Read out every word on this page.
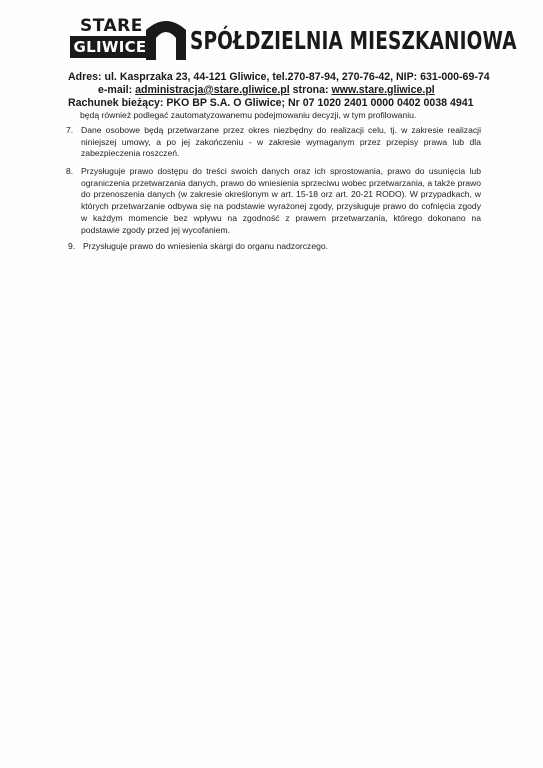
STARE
GLIWICE SPÓŁDZIELNIA MIESZKANIOWA
Adres: ul. Kasprzaka 23, 44-121 Gliwice, tel.270-87-94, 270-76-42, NIP: 631-000-69-74
e-mail: administracja@stare.gliwice.pl strona: www.stare.gliwice.pl
Rachunek bieżący: PKO BP S.A. O Gliwice; Nr 07 1020 2401 0000 0402 0038 4941
będą również podlegać zautomatyzowanemu podejmowaniu decyzji, w tym profilowaniu.
7. Dane osobowe będą przetwarzane przez okres niezbędny do realizacji celu, tj. w zakresie realizacji niniejszej umowy, a po jej zakończeniu - w zakresie wymaganym przez przepisy prawa lub dla zabezpieczenia roszczeń.
8. Przysługuje prawo dostępu do treści swoich danych oraz ich sprostowania, prawo do usunięcia lub ograniczenia przetwarzania danych, prawo do wniesienia sprzeciwu wobec przetwarzania, a także prawo do przenoszenia danych (w zakresie określonym w art. 15-18 orz art. 20-21 RODO). W przypadkach, w których przetwarzanie odbywa się na podstawie wyrażonej zgody, przysługuje prawo do cofnięcia zgody w każdym momencie bez wpływu na zgodność z prawem przetwarzania, którego dokonano na podstawie zgody przed jej wycofaniem.
9. Przysługuje prawo do wniesienia skargi do organu nadzorczego.
